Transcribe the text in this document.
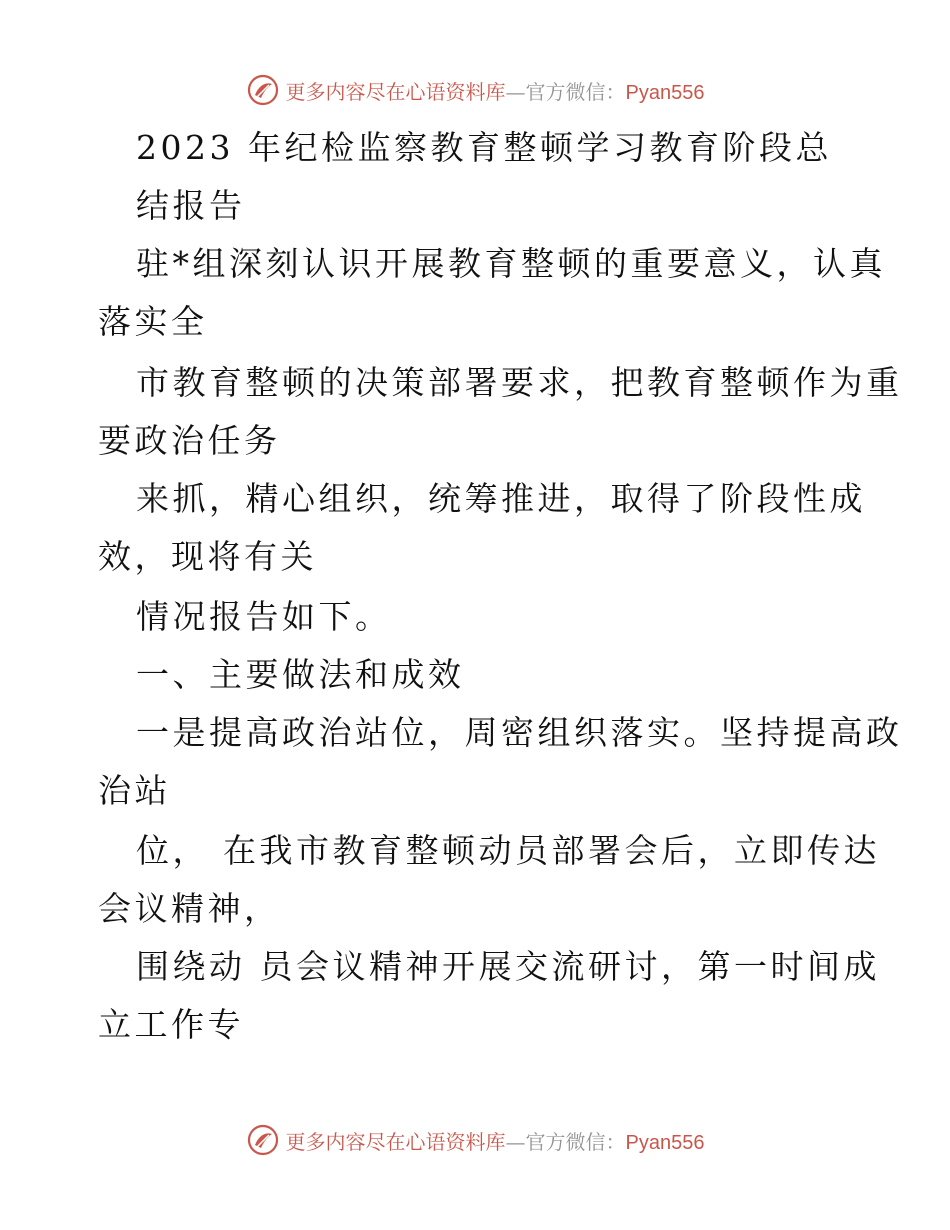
更多内容尽在心语资料库—官方微信：Pyan556
2023 年纪检监察教育整顿学习教育阶段总
结报告
驻*组深刻认识开展教育整顿的重要意义，认真
落实全
市教育整顿的决策部署要求，把教育整顿作为重
要政治任务
来抓，精心组织，统筹推进，取得了阶段性成
效，现将有关
情况报告如下。
一、主要做法和成效
一是提高政治站位，周密组织落实。坚持提高政
治站
位， 在我市教育整顿动员部署会后，立即传达
会议精神，
围绕动 员会议精神开展交流研讨，第一时间成
立工作专
更多内容尽在心语资料库—官方微信：Pyan556
